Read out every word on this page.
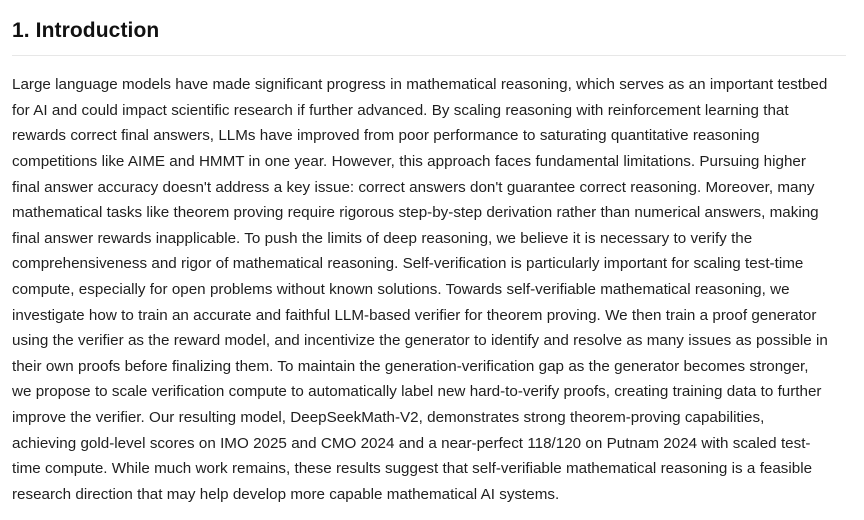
1. Introduction

Large language models have made significant progress in mathematical reasoning, which serves as an important testbed for AI and could impact scientific research if further advanced. By scaling reasoning with reinforcement learning that rewards correct final answers, LLMs have improved from poor performance to saturating quantitative reasoning competitions like AIME and HMMT in one year. However, this approach faces fundamental limitations. Pursuing higher final answer accuracy doesn't address a key issue: correct answers don't guarantee correct reasoning. Moreover, many mathematical tasks like theorem proving require rigorous step-by-step derivation rather than numerical answers, making final answer rewards inapplicable. To push the limits of deep reasoning, we believe it is necessary to verify the comprehensiveness and rigor of mathematical reasoning. Self-verification is particularly important for scaling test-time compute, especially for open problems without known solutions. Towards self-verifiable mathematical reasoning, we investigate how to train an accurate and faithful LLM-based verifier for theorem proving. We then train a proof generator using the verifier as the reward model, and incentivize the generator to identify and resolve as many issues as possible in their own proofs before finalizing them. To maintain the generation-verification gap as the generator becomes stronger, we propose to scale verification compute to automatically label new hard-to-verify proofs, creating training data to further improve the verifier. Our resulting model, DeepSeekMath-V2, demonstrates strong theorem-proving capabilities, achieving gold-level scores on IMO 2025 and CMO 2024 and a near-perfect 118/120 on Putnam 2024 with scaled test-time compute. While much work remains, these results suggest that self-verifiable mathematical reasoning is a feasible research direction that may help develop more capable mathematical AI systems.
